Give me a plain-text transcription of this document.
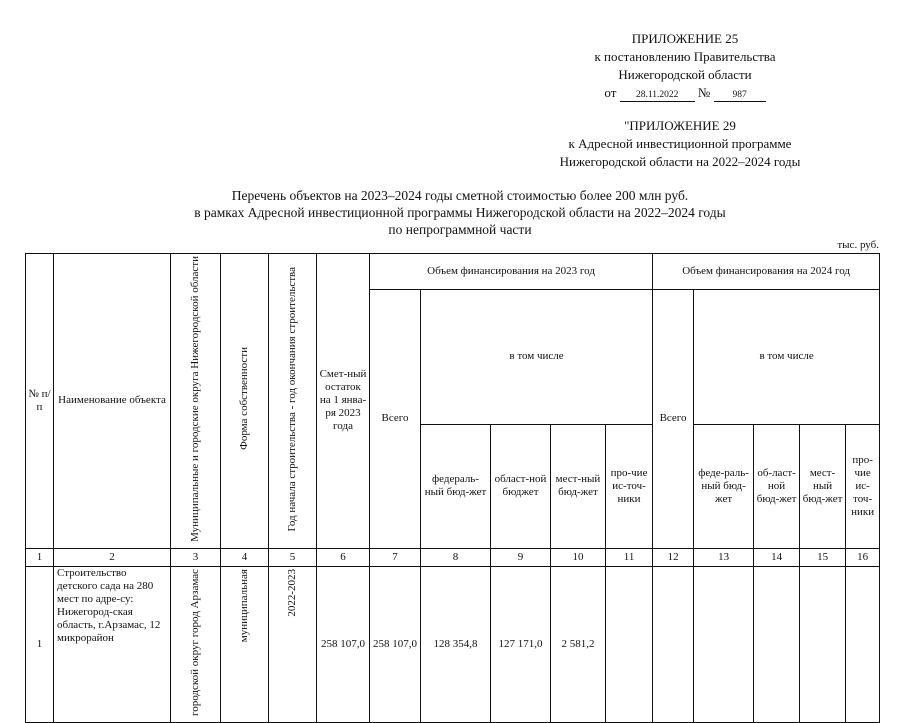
ПРИЛОЖЕНИЕ 25
к постановлению Правительства
Нижегородской области
от 28.11.2022 № 987
"ПРИЛОЖЕНИЕ 29
к Адресной инвестиционной программе
Нижегородской области на 2022–2024 годы
Перечень объектов на 2023–2024 годы сметной стоимостью более 200 млн руб.
в рамках Адресной инвестиционной программы Нижегородской области на 2022–2024 годы
по непрограммной части
тыс. руб.
№ п/п	Наименование объекта	Муниципальные и городские округа Нижегородской области	Форма собственности	Год начала строительства - год окончания строительства	Смет-ный остаток на 1 янва-ря 2023 года	Объем финансирования на 2023 год					Объем финансирования на 2024 год				
						Всего	в том числе				Всего	в том числе			
							федераль-ный бюд-жет	област-ной бюджет	мест-ный бюд-жет	про-чие ис-точ-ники		феде-раль-ный бюд-жет	об-ласт-ной бюд-жет	мест-ный бюд-жет	про-чие ис-точ-ники
1	2	3	4	5	6	7	8	9	10	11	12	13	14	15	16
1	Строительство детского сада на 280 мест по адре-су: Нижегород-ская область, г.Арзамас, 12 микрорайон	городской округ город Арзамас	муниципальная	2022-2023	258 107,0	258 107,0	128 354,8	127 171,0	2 581,2						
